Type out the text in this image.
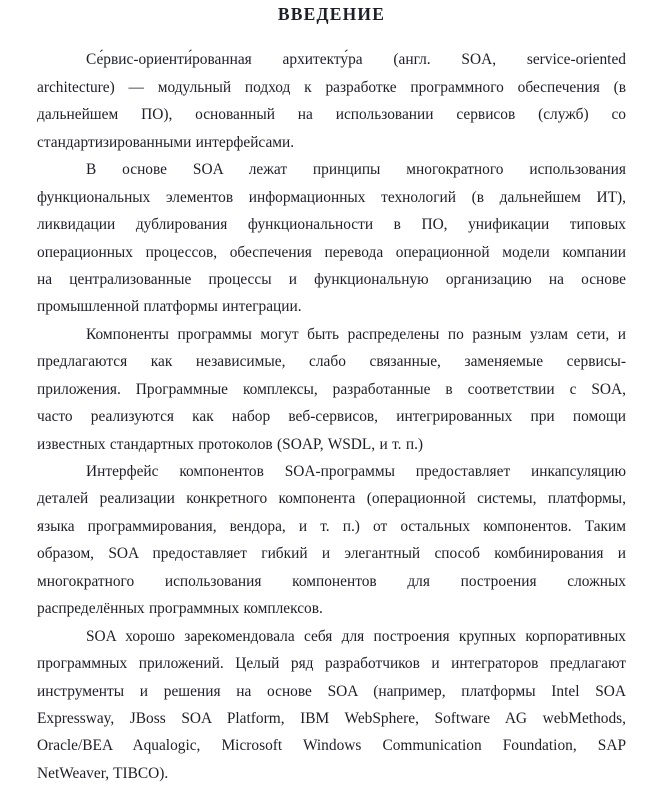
ВВЕДЕНИЕ
Се́рвис-ориенти́рованная архитекту́ра (англ. SOA, service-oriented
architecture) — модульный подход к разработке программного обеспечения (в
дальнейшем ПО), основанный на использовании сервисов (служб) со
стандартизированными интерфейсами.
В основе SOA лежат принципы многократного использования
функциональных элементов информационных технологий (в дальнейшем ИТ),
ликвидации дублирования функциональности в ПО, унификации типовых
операционных процессов, обеспечения перевода операционной модели компании
на централизованные процессы и функциональную организацию на основе
промышленной платформы интеграции.
Компоненты программы могут быть распределены по разным узлам сети, и
предлагаются как независимые, слабо связанные, заменяемые сервисы-
приложения. Программные комплексы, разработанные в соответствии с SOA,
часто реализуются как набор веб-сервисов, интегрированных при помощи
известных стандартных протоколов (SOAP, WSDL, и т. п.)
Интерфейс компонентов SOA-программы предоставляет инкапсуляцию
деталей реализации конкретного компонента (операционной системы, платформы,
языка программирования, вендора, и т. п.) от остальных компонентов. Таким
образом, SOA предоставляет гибкий и элегантный способ комбинирования и
многократного использования компонентов для построения сложных
распределённых программных комплексов.
SOA хорошо зарекомендовала себя для построения крупных корпоративных
программных приложений. Целый ряд разработчиков и интеграторов предлагают
инструменты и решения на основе SOA (например, платформы Intel SOA
Expressway, JBoss SOA Platform, IBM WebSphere, Software AG webMethods,
Oracle/BEA Aqualogic, Microsoft Windows Communication Foundation, SAP
NetWeaver, TIBCO).
